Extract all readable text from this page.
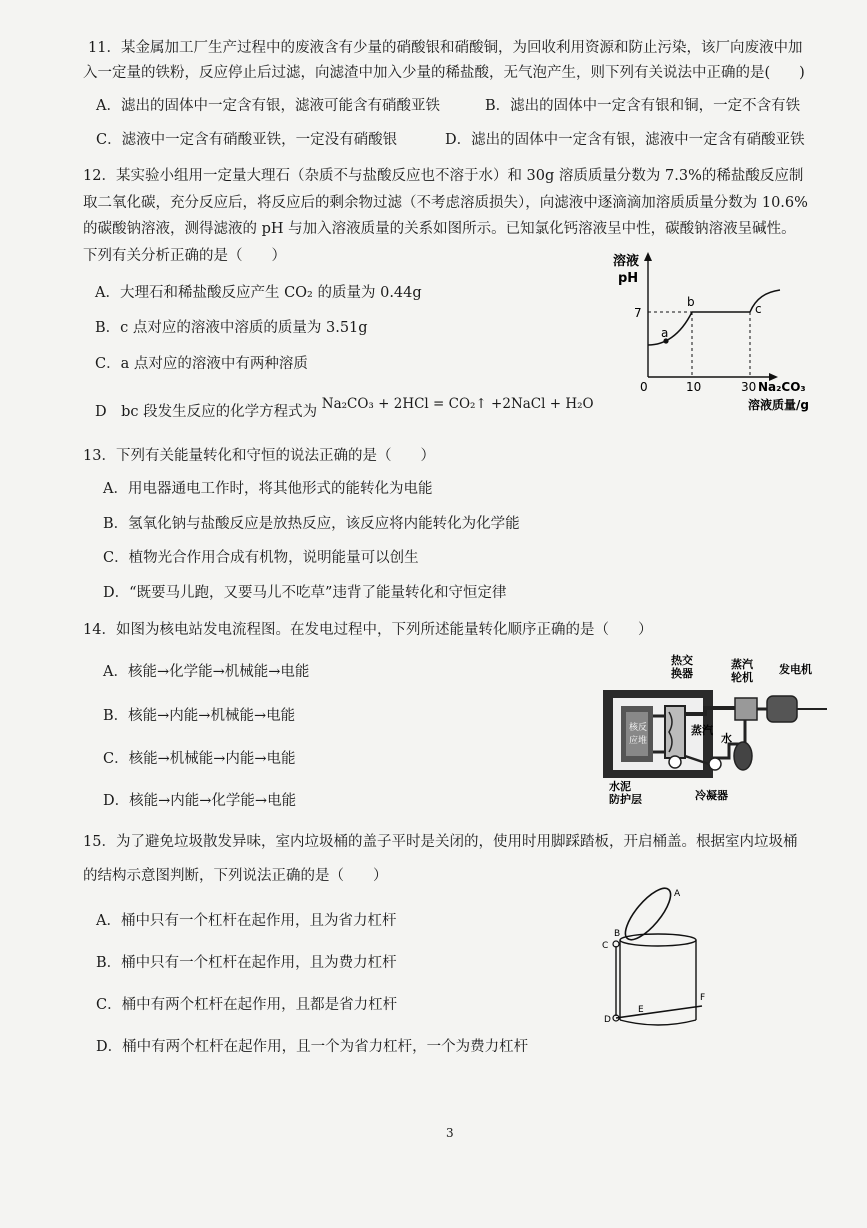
11．某金属加工厂生产过程中的废液含有少量的硝酸银和硝酸铜，为回收利用资源和防止污染，该厂向废液中加
入一定量的铁粉，反应停止后过滤，向滤渣中加入少量的稀盐酸，无气泡产生，则下列有关说法中正确的是(　　)
A．滤出的固体中一定含有银，滤液可能含有硝酸亚铁	B．滤出的固体中一定含有银和铜，一定不含有铁
C．滤液中一定含有硝酸亚铁，一定没有硝酸银	D．滤出的固体中一定含有银，滤液中一定含有硝酸亚铁
12．某实验小组用一定量大理石（杂质不与盐酸反应也不溶于水）和 30g 溶质质量分数为 7.3%的稀盐酸反应制
取二氧化碳，充分反应后，将反应后的剩余物过滤（不考虑溶质损失），向滤液中逐滴滴加溶质质量分数为 10.6%
的碳酸钠溶液，测得滤液的 pH 与加入溶液质量的关系如图所示。已知氯化钙溶液呈中性，碳酸钠溶液呈碱性。
下列有关分析正确的是（　　）
A．大理石和稀盐酸反应产生 CO₂ 的质量为 0.44g
B．c 点对应的溶液中溶质的质量为 3.51g
C．a 点对应的溶液中有两种溶质
D　bc 段发生反应的化学方程式为 Na₂CO₃ + 2HCl = CO₂↑ +2NaCl + H₂O
a
b	c
溶液
pH
7
0	10	30 Na₂CO₃
溶液质量/g
13．下列有关能量转化和守恒的说法正确的是（　　）
A．用电器通电工作时，将其他形式的能转化为电能
B．氢氧化钠与盐酸反应是放热反应，该反应将内能转化为化学能
C．植物光合作用合成有机物，说明能量可以创生
D．“既要马儿跑，又要马儿不吃草”违背了能量转化和守恒定律
14．如图为核电站发电流程图。在发电过程中，下列所述能量转化顺序正确的是（　　）
A．核能→化学能→机械能→电能
B．核能→内能→机械能→电能
C．核能→机械能→内能→电能
D．核能→内能→化学能→电能
热交
换器
蒸汽
轮机
发电机
核反
应堆
蒸汽
水
水泥
防护层	冷凝器
15．为了避免垃圾散发异味，室内垃圾桶的盖子平时是关闭的，使用时用脚踩踏板，开启桶盖。根据室内垃圾桶
的结构示意图判断，下列说法正确的是（　　）
A．桶中只有一个杠杆在起作用，且为省力杠杆
B．桶中只有一个杠杆在起作用，且为费力杠杆
C．桶中有两个杠杆在起作用，且都是省力杠杆
D．桶中有两个杠杆在起作用，且一个为省力杠杆，一个为费力杠杆
A
B
C
D
E
F
3
